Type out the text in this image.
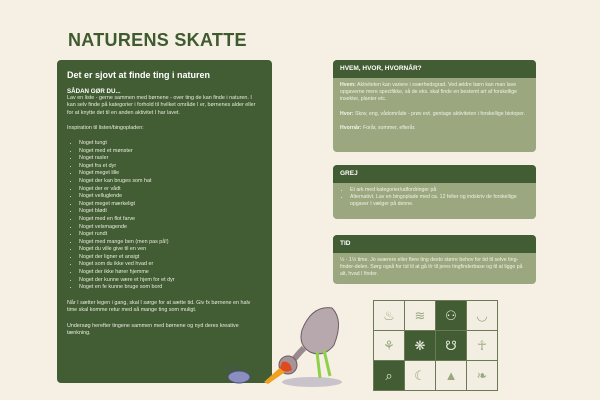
NATURENS SKATTE
Det er sjovt at finde ting i naturen
SÅDAN GØR DU...

Lav en liste - gerne sammen med børnene - over ting de kan finde i naturen. I kan selv finde på kategorier i forhold til hvilket område I er, børnenes alder eller for at knytte det til en anden aktivitet I har lavet.

Inspiration til listen/bingopladen:

• Noget tungt
• Noget med et mønster
• Noget rasler
• Noget fra et dyr
• Noget meget lille
• Noget der kan bruges som hat
• Noget der er vådt
• Noget velluglende
• Noget meget mærkeligt
• Noget blødt
• Noget med en flot farve
• Noget velsmagende
• Noget rundt
• Noget med mange ben (men pas på!)
• Noget du ville give til en ven
• Noget der ligner et ansigt
• Noget som du ikke ved hvad er
• Noget der ikke hører hjemme
• Noget der kunne være et hjem for et dyr
• Noget en fe kunne bruge som bord

Når I sætter legen i gang, skal I sørge for at sætte tid. Giv fx børnene en halv time skal komme retur med så mange ting som muligt.

Undersøg herefter tingene sammen med børnene og nyd deres kreative tænkning.

HVEM, HVOR, HVORNÅR?

Hvem: Aktiviteten kan variere i sværhedsgrad. Ved ældre børn kan man lave opgaverne mere specifikke, så de eks. skal finde en bestemt art af forskellige insekter, planter etc.

Hvor: Skov, eng, vådområde - prøv evt. gentage aktiviteten i forskellige biotoper.

Hvornår: Forår, sommer, efterår.

GREJ
• Et ark med kategorier/udfordringer på
• Alternativt. Lav en bingoplade med ca. 12 felter og indskriv de forskellige opgaver I vælger på denne.
TID

½ - 1½ time. Jo sværere eller flere ting desto større behov for tid til selve ting-finder-delen. Sørg også for tid til at gå t/r til jeres tingfinderbase og til at ligge på alt, hvad I finder.

♨	≋	⚇	◡
⚘	❋	☋	☥
⌕	☾	▲	❧
